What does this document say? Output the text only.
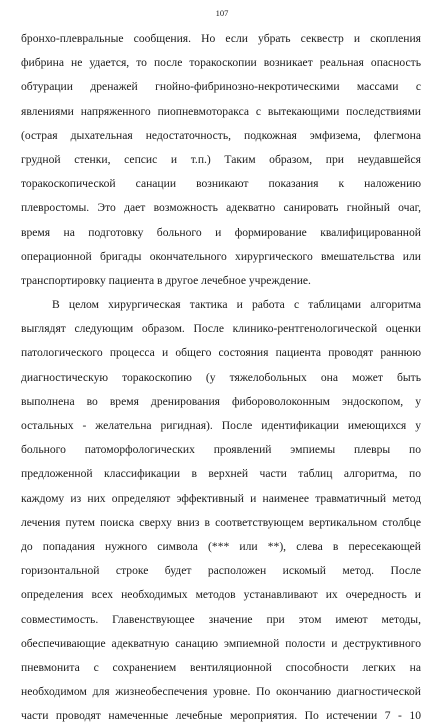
107
бронхо-плевральные сообщения. Но если убрать секвестр и скопления
фибрина не удается, то после торакоскопии возникает реальная опасность
обтурации дренажей гнойно-фибринозно-некротическими массами с
явлениями напряженного пиопневмоторакса с вытекающими последствиями
(острая дыхательная недостаточность, подкожная эмфизема, флегмона
грудной стенки, сепсис и т.п.) Таким образом, при неудавшейся
торакоскопической санации возникают показания к наложению
плевростомы. Это дает возможность адекватно санировать гнойный очаг,
время на подготовку больного и формирование квалифицированной
операционной бригады окончательного хирургического вмешательства или
транспортировку пациента в другое лечебное учреждение.
В целом хирургическая тактика и работа с таблицами алгоритма
выглядят следующим образом. После клинико-рентгенологической оценки
патологического процесса и общего состояния пациента проводят раннюю
диагностическую торакоскопию (у тяжелобольных она может быть
выполнена во время дренирования фибороволоконным эндоскопом, у
остальных - желательна ригидная). После идентификации имеющихся у
больного патоморфологических проявлений эмпиемы плевры по
предложенной классификации в верхней части таблиц алгоритма, по
каждому из них определяют эффективный и наименее травматичный метод
лечения путем поиска сверху вниз в соответствующем вертикальном столбце
до попадания нужного символа (*** или **), слева в пересекающей
горизонтальной строке будет расположен искомый метод. После
определения всех необходимых методов устанавливают их очередность и
совместимость. Главенствующее значение при этом имеют методы,
обеспечивающие адекватную санацию эмпиемной полости и деструктивного
пневмонита с сохранением вентиляционной способности легких на
необходимом для жизнеобеспечения уровне. По окончанию диагностической
части проводят намеченные лечебные мероприятия. По истечении 7 - 10
